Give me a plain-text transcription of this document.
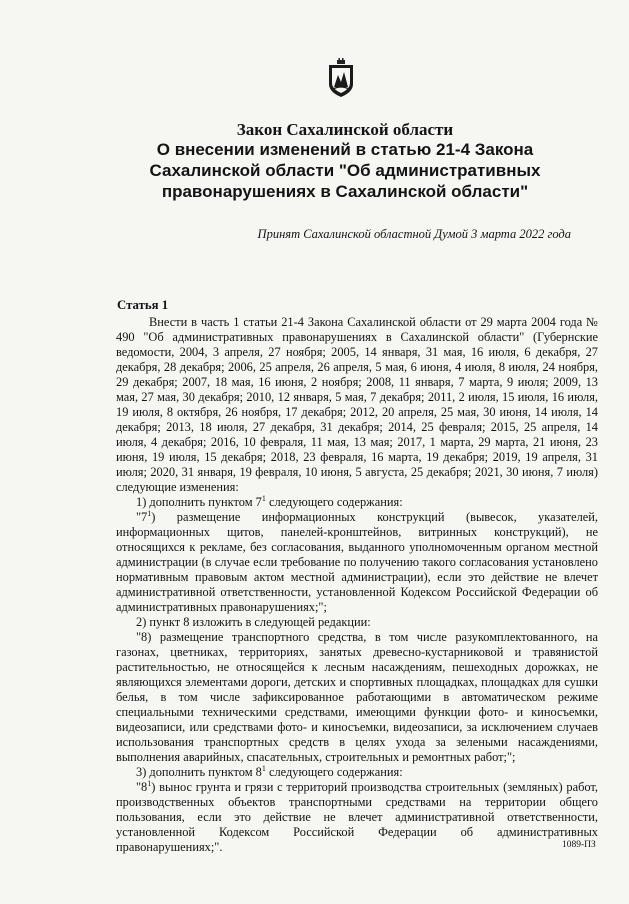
Закон Сахалинской области
О внесении изменений в статью 21-4 Закона
Сахалинской области "Об административных
правонарушениях в Сахалинской области"
Принят Сахалинской областной Думой 3 марта 2022 года
Статья 1

Внести в часть 1 статьи 21-4 Закона Сахалинской области от 29 марта 2004 года № 490 "Об административных правонарушениях в Сахалинской области" (Губернские ведомости, 2004, 3 апреля, 27 ноября; 2005, 14 января, 31 мая, 16 июля, 6 декабря, 27 декабря, 28 декабря; 2006, 25 апреля, 26 апреля, 5 мая, 6 июня, 4 июля, 8 июля, 24 ноября, 29 декабря; 2007, 18 мая, 16 июня, 2 ноября; 2008, 11 января, 7 марта, 9 июля; 2009, 13 мая, 27 мая, 30 декабря; 2010, 12 января, 5 мая, 7 декабря; 2011, 2 июля, 15 июля, 16 июля, 19 июля, 8 октября, 26 ноября, 17 декабря; 2012, 20 апреля, 25 мая, 30 июня, 14 июля, 14 декабря; 2013, 18 июля, 27 декабря, 31 декабря; 2014, 25 февраля; 2015, 25 апреля, 14 июля, 4 декабря; 2016, 10 февраля, 11 мая, 13 мая; 2017, 1 марта, 29 марта, 21 июня, 23 июня, 19 июля, 15 декабря; 2018, 23 февраля, 16 марта, 19 декабря; 2019, 19 апреля, 31 июля; 2020, 31 января, 19 февраля, 10 июня, 5 августа, 25 декабря; 2021, 30 июня, 7 июля) следующие изменения:

1) дополнить пунктом $7^1$ следующего содержания:

"$7^1$) размещение информационных конструкций (вывесок, указателей, информационных щитов, панелей-кронштейнов, витринных конструкций), не относящихся к рекламе, без согласования, выданного уполномоченным органом местной администрации (в случае если требование по получению такого согласования установлено нормативным правовым актом местной администрации), если это действие не влечет административной ответственности, установленной Кодексом Российской Федерации об административных правонарушениях;";

2) пункт 8 изложить в следующей редакции:

"8) размещение транспортного средства, в том числе разукомплектованного, на газонах, цветниках, территориях, занятых древесно-кустарниковой и травянистой растительностью, не относящейся к лесным насаждениям, пешеходных дорожках, не являющихся элементами дороги, детских и спортивных площадках, площадках для сушки белья, в том числе зафиксированное работающими в автоматическом режиме специальными техническими средствами, имеющими функции фото- и киносъемки, видеозаписи, или средствами фото- и киносъемки, видеозаписи, за исключением случаев использования транспортных средств в целях ухода за зелеными насаждениями, выполнения аварийных, спасательных, строительных и ремонтных работ;";

3) дополнить пунктом $8^1$ следующего содержания:

"$8^1$) вынос грунта и грязи с территорий производства строительных (земляных) работ, производственных объектов транспортными средствами на территории общего пользования, если это действие не влечет административной ответственности, установленной Кодексом Российской Федерации об административных правонарушениях;".	1089-ПЗ
